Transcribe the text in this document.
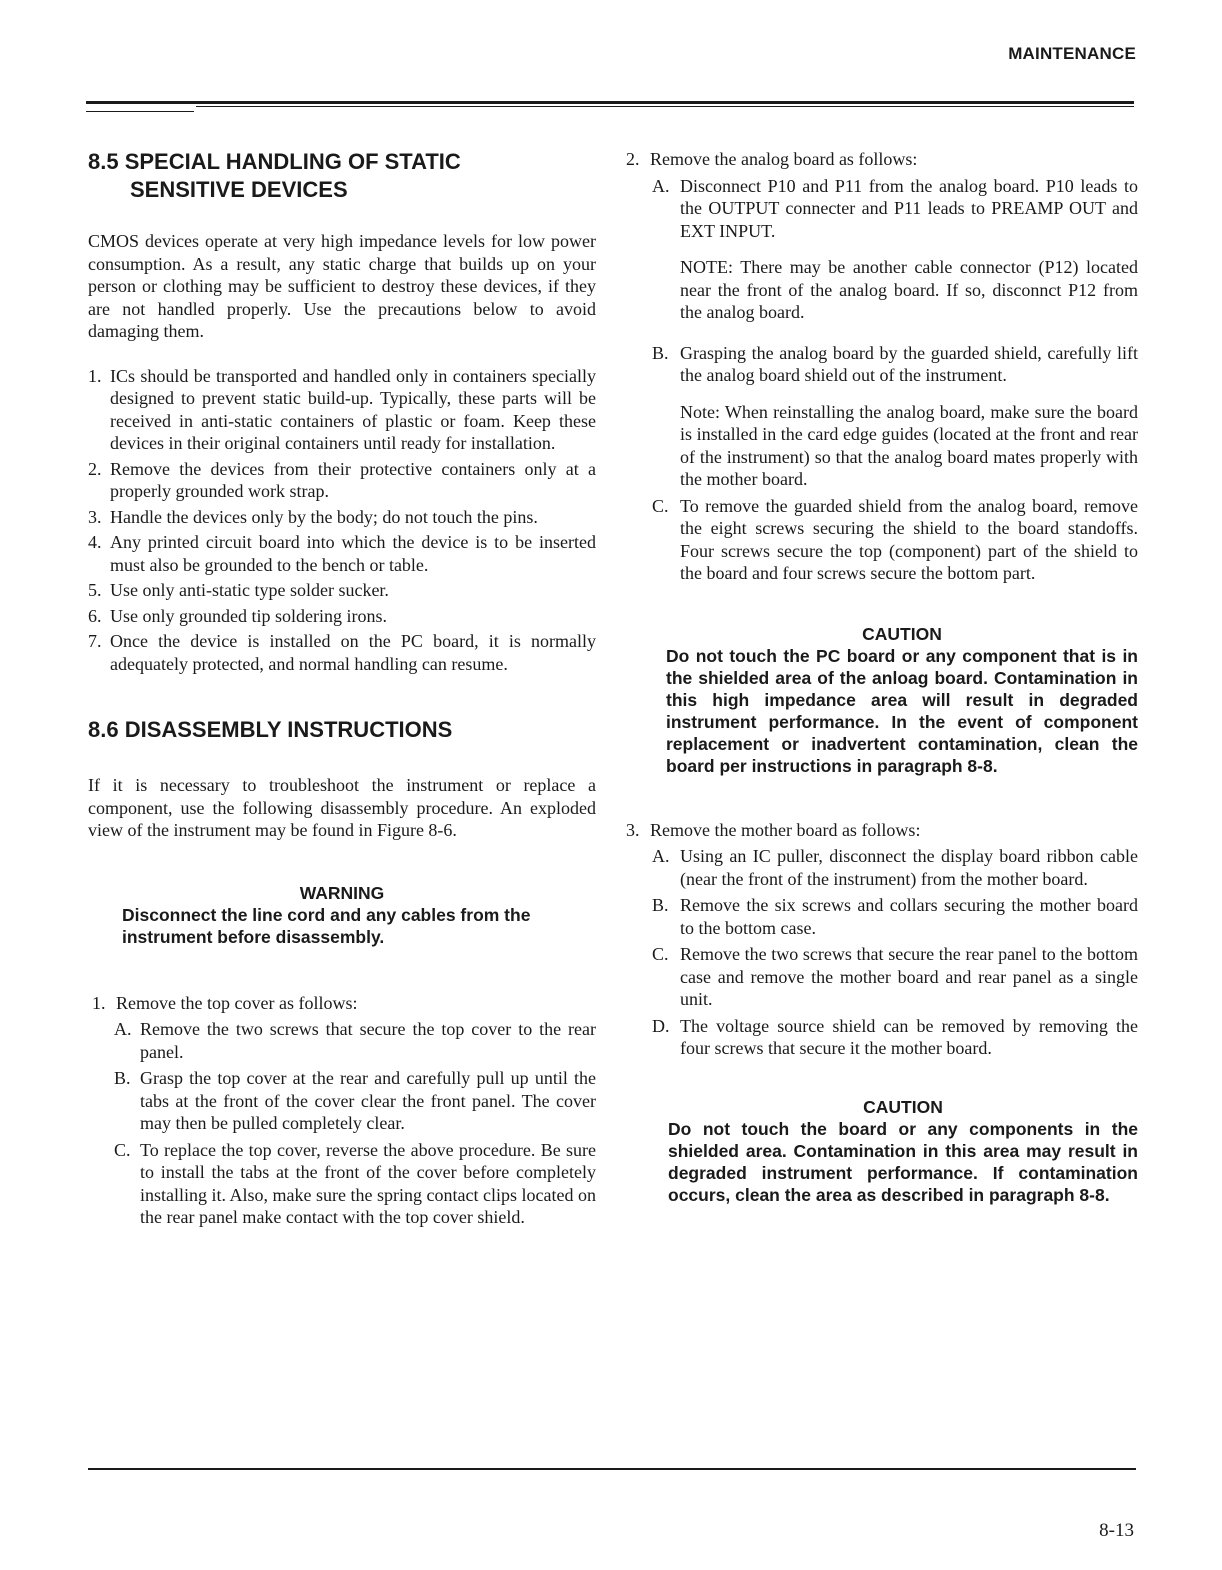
MAINTENANCE
8.5 SPECIAL HANDLING OF STATIC
SENSITIVE DEVICES

CMOS devices operate at very high impedance levels for low power consumption. As a result, any static charge that builds up on your person or clothing may be sufficient to destroy these devices, if they are not handled properly. Use the precautions below to avoid damaging them.

1. ICs should be transported and handled only in containers specially designed to prevent static build-up. Typically, these parts will be received in anti-static containers of plastic or foam. Keep these devices in their original containers until ready for installation.
2. Remove the devices from their protective containers only at a properly grounded work strap.
3. Handle the devices only by the body; do not touch the pins.
4. Any printed circuit board into which the device is to be inserted must also be grounded to the bench or table.
5. Use only anti-static type solder sucker.
6. Use only grounded tip soldering irons.
7. Once the device is installed on the PC board, it is normally adequately protected, and normal handling can resume.
8.6 DISASSEMBLY INSTRUCTIONS

If it is necessary to troubleshoot the instrument or replace a component, use the following disassembly procedure. An exploded view of the instrument may be found in Figure 8-6.

WARNING
Disconnect the line cord and any cables from the instrument before disassembly.
1. Remove the top cover as follows:
A. Remove the two screws that secure the top cover to the rear panel.
B. Grasp the top cover at the rear and carefully pull up until the tabs at the front of the cover clear the front panel. The cover may then be pulled completely clear.
C. To replace the top cover, reverse the above procedure. Be sure to install the tabs at the front of the cover before completely installing it. Also, make sure the spring contact clips located on the rear panel make contact with the top cover shield.
2. Remove the analog board as follows:
A. Disconnect P10 and P11 from the analog board. P10 leads to the OUTPUT connecter and P11 leads to PREAMP OUT and EXT INPUT.
NOTE: There may be another cable connector (P12) located near the front of the analog board. If so, disconnct P12 from the analog board.
B. Grasping the analog board by the guarded shield, carefully lift the analog board shield out of the instrument.
Note: When reinstalling the analog board, make sure the board is installed in the card edge guides (located at the front and rear of the instrument) so that the analog board mates properly with the mother board.
C. To remove the guarded shield from the analog board, remove the eight screws securing the shield to the board standoffs. Four screws secure the top (component) part of the shield to the board and four screws secure the bottom part.
CAUTION
Do not touch the PC board or any component that is in the shielded area of the anloag board. Contamination in this high impedance area will result in degraded instrument performance. In the event of component replacement or inadvertent contamination, clean the board per instructions in paragraph 8-8.
3. Remove the mother board as follows:
A. Using an IC puller, disconnect the display board ribbon cable (near the front of the instrument) from the mother board.
B. Remove the six screws and collars securing the mother board to the bottom case.
C. Remove the two screws that secure the rear panel to the bottom case and remove the mother board and rear panel as a single unit.
D. The voltage source shield can be removed by removing the four screws that secure it the mother board.
CAUTION
Do not touch the board or any components in the shielded area. Contamination in this area may result in degraded instrument performance. If contamination occurs, clean the area as described in paragraph 8-8.
8-13
